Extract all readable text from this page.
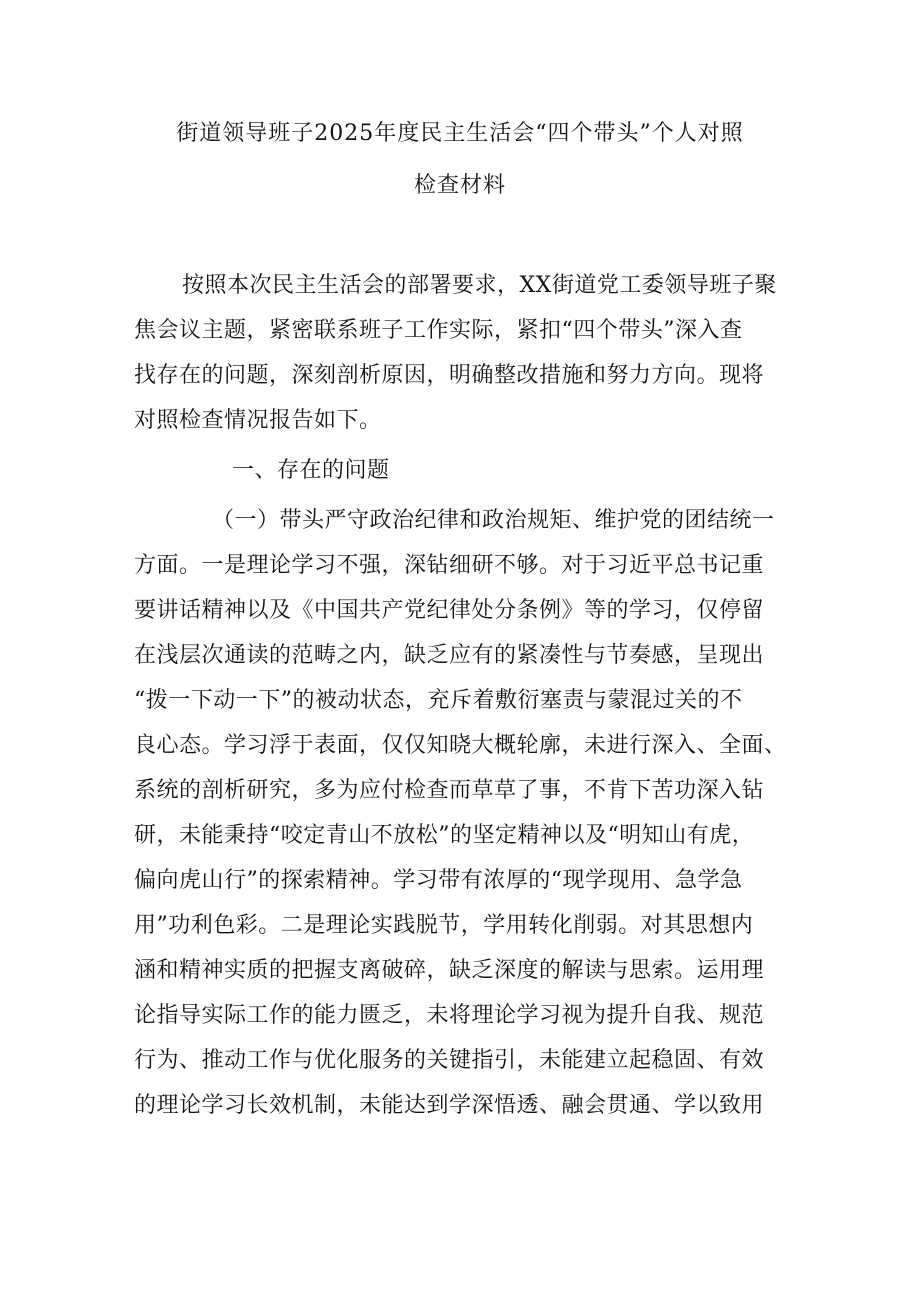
街道领导班子2025年度民主生活会“四个带头”个人对照
检查材料
按照本次民主生活会的部署要求，XX街道党工委领导班子聚
焦会议主题，紧密联系班子工作实际，紧扣“四个带头”深入查
找存在的问题，深刻剖析原因，明确整改措施和努力方向。现将
对照检查情况报告如下。
一、存在的问题
（一）带头严守政治纪律和政治规矩、维护党的团结统一
方面。一是理论学习不强，深钻细研不够。对于习近平总书记重
要讲话精神以及《中国共产党纪律处分条例》等的学习，仅停留
在浅层次通读的范畴之内，缺乏应有的紧凑性与节奏感，呈现出
“拨一下动一下”的被动状态，充斥着敷衍塞责与蒙混过关的不
良心态。学习浮于表面，仅仅知晓大概轮廓，未进行深入、全面、
系统的剖析研究，多为应付检查而草草了事，不肯下苦功深入钻
研，未能秉持“咬定青山不放松”的坚定精神以及“明知山有虎，
偏向虎山行”的探索精神。学习带有浓厚的“现学现用、急学急
用”功利色彩。二是理论实践脱节，学用转化削弱。对其思想内
涵和精神实质的把握支离破碎，缺乏深度的解读与思索。运用理
论指导实际工作的能力匮乏，未将理论学习视为提升自我、规范
行为、推动工作与优化服务的关键指引，未能建立起稳固、有效
的理论学习长效机制，未能达到学深悟透、融会贯通、学以致用
